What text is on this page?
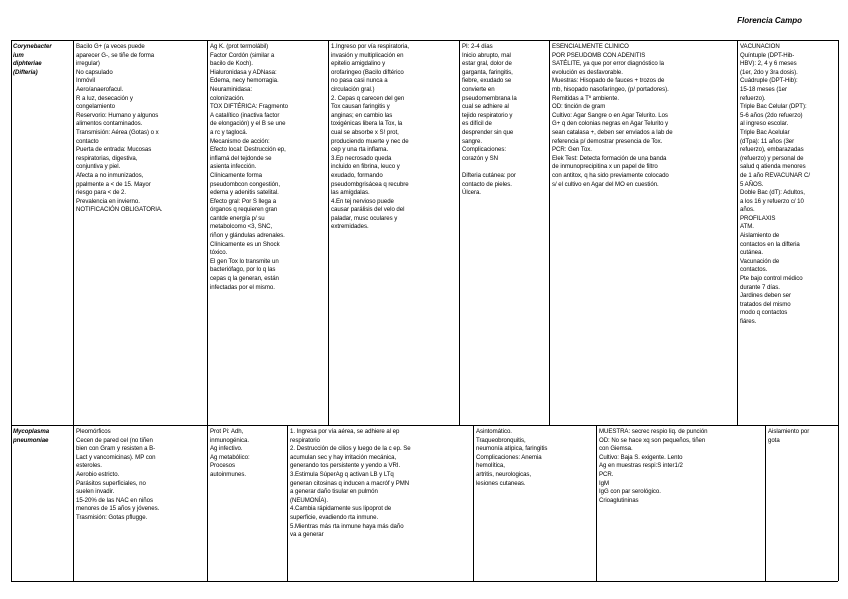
Florencia Campo
Corynebacter
ium
diphteriae
(Difteria)
Bacilo G+ (a veces puede
aparecer G-, se tiñe de forma
irregular)
No capsulado
Inmóvil
Aero/anaerofacul.
R a luz, desecación y
congelamiento
Reservorio: Humano y algunos
alimentos contaminados.
Transmisión: Aérea (Gotas) o x
contacto
Puerta de entrada: Mucosas
respiratorias, digestiva,
conjuntiva y piel.
Afecta a no inmunizados,
ppalmente a < de 15. Mayor
riesgo para < de 2.
Prevalencia en invierno.
NOTIFICACIÓN OBLIGATORIA.
Ag K. (prot termolábil)
Factor Cordón (similar a
bacilo de Koch).
Hialuronidasa y ADNasa:
Edema, necy hemorragia.
Neuraminidasa:
colonización.
TOX DIFTÉRICA: Fragmento
A catalítico (inactiva factor
de elongación) y el B se une
a rc y taglocá.
Mecanismo de acción:
Efecto local: Destrucción ep,
inflamá del tejdonde se
asienta infección.
Clínicamente forma
pseudombcon congestión,
edema y adenitis satelital.
Efecto gral: Por S llega a
órganos q requieren gran
cantde energía p/ su
metabolcomo <3, SNC,
riñon y glándulas adrenales.
Clínicamente es un Shock
tóxico.
El gen Tox lo transmite un
bacteriófago, por lo q las
cepas q la generan, están
infectadas por el mismo.
1.Ingreso por vía respiratoria,
invasión y multiplicación en
epitelio amigdalino y
orofaringeo (Bacilo diftérico
no pasa casi nunca a
circulación gral.)
2. Cepas q carecen del gen
Tox causan faringitis y
anginas; en cambio las
toxigénicas libera la Tox, la
cual se absorbe x S! prot,
produciendo muerte y nec de
cep y una rta inflama.
3.Ep necrosado queda
incluido en fibrina, leuco y
exudado, formando
pseudombgrisácea q recubre
las amígdalas.
4.En tej nervioso puede
causar parálisis del velo del
paladar, musc oculares y
extremidades.
PI: 2-4 días
Inicio abrupto, mal
estar gral, dolor de
garganta, faringitis,
fiebre, exudado se
convierte en
pseudomembrana la
cual se adhiere al
tejido respiratorio y
es difícil de
desprender sin que
sangre.
Complicaciones:
corazón y SN

Difteria cutánea: por
contacto de pieles.
Úlcera.
ESENCIALMENTE CLÍNICO
POR PSEUDOMB CON ADENITIS
SATÉLITE, ya que por error diagnóstico la
evolución es desfavorable.
Muestras: Hisopado de fauces + trozos de
mb, hisopado nasofaríngeo, (p/ portadores).
Remitidas a Tº ambiente.
OD: tinción de gram
Cultivo: Agar Sangre o en Agar Telurito. Los
G+ q den colonias negras en Agar Telurito y
sean catalasa +, deben ser enviados a lab de
referencia p/ demostrar presencia de Tox.
PCR: Gen Tox.
Elek Test: Detecta formación de una banda
de inmunoprecipitina x un papel de filtro
con antitox, q ha sido previamente colocado
s/ el cultivo en Agar del MO en cuestión.
VACUNACIÓN
Quíntuple (DPT-Hib-
HBV): 2, 4 y 6 meses
(1er, 2do y 3ra dosis).
Cuádruple (DPT-Hib):
15-18 meses (1er
refuerzo).
Triple Bac Celular (DPT):
5-6 años (2do refuerzo)
al ingreso escolar.
Triple Bac Acelular
(dTpa): 11 años (3er
refuerzo), embarazadas
(refuerzo) y personal de
salud q atienda menores
de 1 año REVACUNAR C/
5 AÑOS.
Doble Bac (dT): Adultos,
a los 16 y refuerzo c/ 10
años.
PROFILAXIS
ATM.
Aislamiento de
contactos en la difteria
cutánea.
Vacunación de
contactos.
Pte bajo control médico
durante 7 días.
Jardines deben ser
tratados del mismo
modo q contactos
fiáres.
Mycoplasma
pneumoniae
Pleomórficos
Cecen de pared cel (no tiñen
bien con Gram y resisten a B-
Lact y vancomicinas). MP con
esteroles.
Aerobio estricto.
Parásitos superficiales, no
suelen invadir.
15-20% de las NAC en niños
menores de 15 años y jóvenes.
Trasmisión: Gotas pflugge.
Prot Pi: Adh,
inmunogénica.
Ag infectivo.
Ag metabólico:
Procesos
autoinmunes.
1. Ingresa por vía aérea, se adhiere al ep
respiratorio
2. Destrucción de cilios y luego de la c ep. Se
acumulan sec y hay irritación mecánica,
generando tos persistente y yendo a VRI.
3.Estimula SúperAg q activan LB y LTq
generan citosinas q inducen a macróf y PMN
a generar daño tisular en pulmón
(NEUMONÍA).
4.Cambia rápidamente sus lipoprot de
superficie, evadiendo rta inmune.
5.Mientras más rta inmune haya más daño
va a generar
Asintomático.
Traqueobronquitis,
neumonía atípica, faringitis
Complicaciones: Anemia
hemolítica,
artritis, neurologicas,
lesiones cutaneas.
MUESTRA: secrec respio liq. de punción
OD: No se hace xq son pequeños, tiñen
con Giemsa.
Cultivo: Baja S. exigente. Lento
Ag en muestras respi:S inter1/2
PCR.
IgM
IgG con par serológico.
Crioaglutininas
Aislamiento por
gota
